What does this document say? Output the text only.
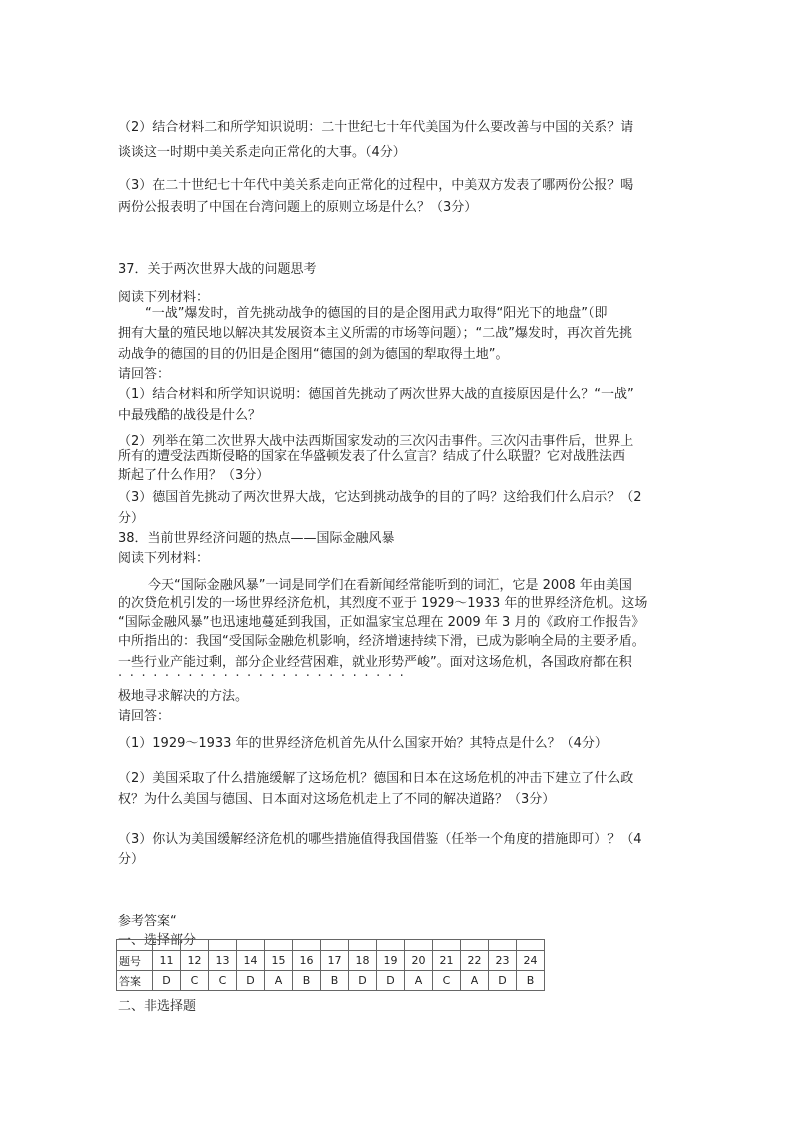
（2）结合材料二和所学知识说明：二十世纪七十年代美国为什么要改善与中国的关系？请
谈谈这一时期中美关系走向正常化的大事。（4分）
（3）在二十世纪七十年代中美关系走向正常化的过程中，中美双方发表了哪两份公报？喝
两份公报表明了中国在台湾问题上的原则立场是什么？（3分）
37．关于两次世界大战的问题思考
阅读下列材料：
“一战”爆发时，首先挑动战争的德国的目的是企图用武力取得“阳光下的地盘”（即
拥有大量的殖民地以解决其发展资本主义所需的市场等问题）；“二战”爆发时，再次首先挑
动战争的德国的目的仍旧是企图用“德国的剑为德国的犁取得土地”。
请回答：
（1）结合材料和所学知识说明：德国首先挑动了两次世界大战的直接原因是什么？“一战”
中最残酷的战役是什么？
（2）列举在第二次世界大战中法西斯国家发动的三次闪击事件。三次闪击事件后，世界上
所有的遭受法西斯侵略的国家在华盛顿发表了什么宣言？结成了什么联盟？它对战胜法西
斯起了什么作用？（3分）
（3）德国首先挑动了两次世界大战，它达到挑动战争的目的了吗？这给我们什么启示？（2
分）
38．当前世界经济问题的热点——国际金融风暴
阅读下列材料：
今天“国际金融风暴”一词是同学们在看新闻经常能听到的词汇，它是 2008 年由美国
的次贷危机引发的一场世界经济危机，其烈度不亚于 1929～1933 年的世界经济危机。这场
“国际金融风暴”也迅速地蔓延到我国，正如温家宝总理在 2009 年 3 月的《政府工作报告》
中所指出的：我国“受国际金融危机影响，经济增速持续下滑，已成为影响全局的主要矛盾。
一些行业产能过剩，部分企业经营困难，就业形势严峻”。面对这场危机，各国政府都在积
·························
极地寻求解决的方法。
请回答：
（1）1929～1933 年的世界经济危机首先从什么国家开始？其特点是什么？（4分）
（2）美国采取了什么措施缓解了这场危机？德国和日本在这场危机的冲击下建立了什么政
权？为什么美国与德国、日本面对这场危机走上了不同的解决道路？（3分）
（3）你认为美国缓解经济危机的哪些措施值得我国借鉴（任举一个角度的措施即可）？（4
分）
参考答案“
一、选择部分

题号	11	12	13	14	15	16	17	18	19	20	21	22	23	24
答案	D	C	C	D	A	B	B	D	D	A	C	A	D	B
二、非选择题
